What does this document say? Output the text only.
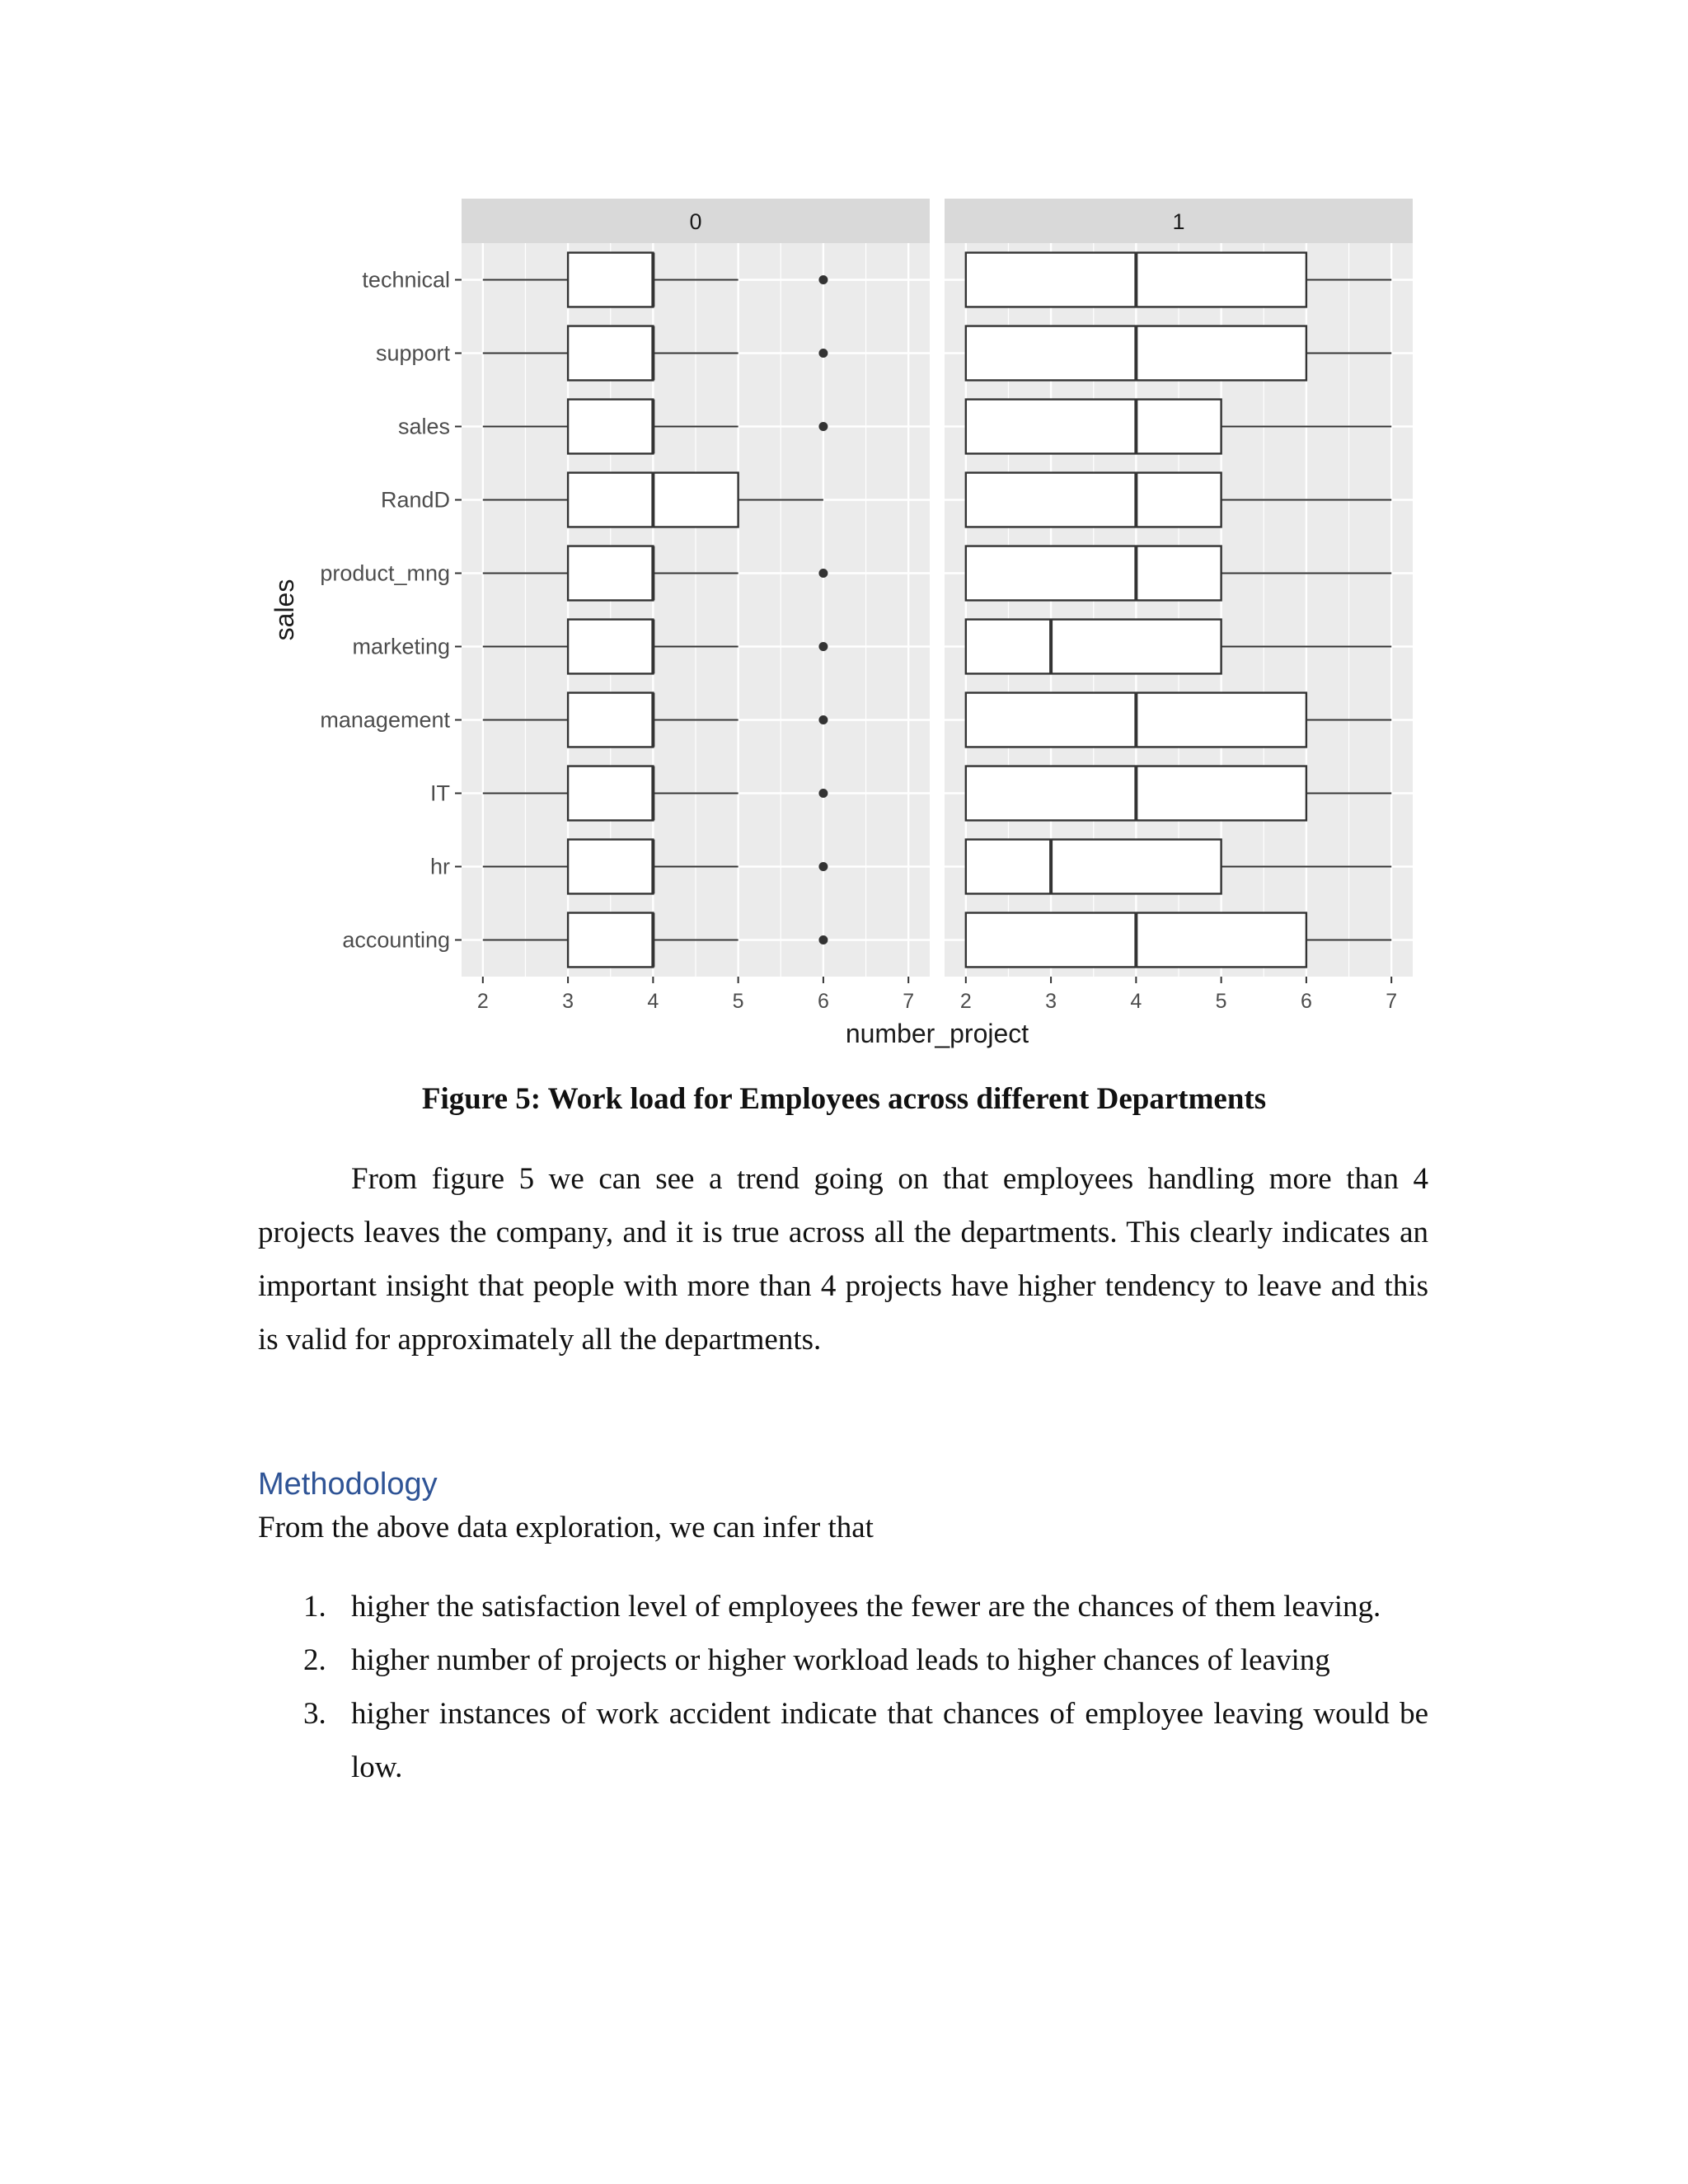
0
2	3	4	5	6	7
1
2	3	4	5	6	7
technical
support
sales
RandD
product_mng
marketing
management
IT
hr
accounting
number_project
sales

Figure 5: Work load for Employees across different Departments

From figure 5 we can see a trend going on that employees handling more than 4 projects leaves the company, and it is true across all the departments. This clearly indicates an important insight that people with more than 4 projects have higher tendency to leave and this is valid for approximately all the departments.

Methodology

From the above data exploration, we can infer that

1. higher the satisfaction level of employees the fewer are the chances of them leaving.
2. higher number of projects or higher workload leads to higher chances of leaving
3. higher instances of work accident indicate that chances of employee leaving would be low.
